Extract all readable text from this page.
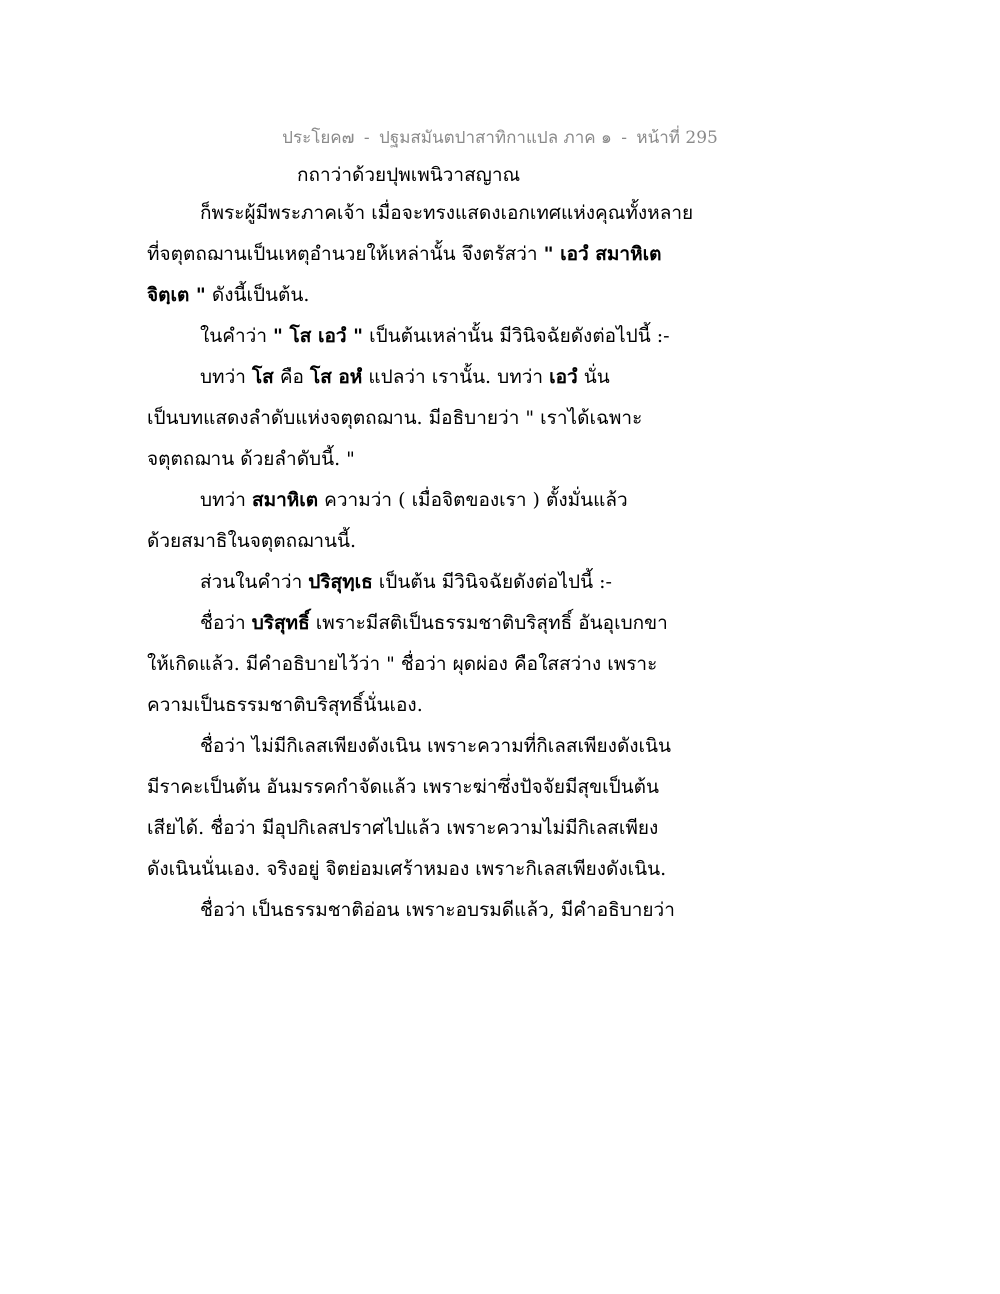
ประโยค๗ - ปฐมสมันตปาสาทิกาแปล ภาค ๑ - หน้าที่ 295
กถาว่าด้วยปุพเพนิวาสญาณ
ก็พระผู้มีพระภาคเจ้า เมื่อจะทรงแสดงเอกเทศแห่งคุณทั้งหลาย
ที่จตุตถฌานเป็นเหตุอำนวยให้เหล่านั้น จึงตรัสว่า " เอวํ สมาหิเต
จิตฺเต " ดังนี้เป็นต้น.
ในคำว่า " โส เอวํ " เป็นต้นเหล่านั้น มีวินิจฉัยดังต่อไปนี้ :-
บทว่า โส คือ โส อหํ แปลว่า เรานั้น. บทว่า เอวํ นั่น
เป็นบทแสดงลำดับแห่งจตุตถฌาน. มีอธิบายว่า " เราได้เฉพาะ
จตุตถฌาน ด้วยลำดับนี้. "
บทว่า สมาหิเต ความว่า ( เมื่อจิตของเรา ) ตั้งมั่นแล้ว
ด้วยสมาธิในจตุตถฌานนี้.
ส่วนในคำว่า ปริสุทฺเธ เป็นต้น มีวินิจฉัยดังต่อไปนี้ :-
ชื่อว่า บริสุทธิ์ เพราะมีสติเป็นธรรมชาติบริสุทธิ์ อันอุเบกขา
ให้เกิดแล้ว. มีคำอธิบายไว้ว่า " ชื่อว่า ผุดผ่อง คือใสสว่าง เพราะ
ความเป็นธรรมชาติบริสุทธิ์นั่นเอง.
ชื่อว่า ไม่มีกิเลสเพียงดังเนิน เพราะความที่กิเลสเพียงดังเนิน
มีราคะเป็นต้น อันมรรคกำจัดแล้ว เพราะฆ่าซึ่งปัจจัยมีสุขเป็นต้น
เสียได้. ชื่อว่า มีอุปกิเลสปราศไปแล้ว เพราะความไม่มีกิเลสเพียง
ดังเนินนั่นเอง. จริงอยู่ จิตย่อมเศร้าหมอง เพราะกิเลสเพียงดังเนิน.
ชื่อว่า เป็นธรรมชาติอ่อน เพราะอบรมดีแล้ว, มีคำอธิบายว่า
